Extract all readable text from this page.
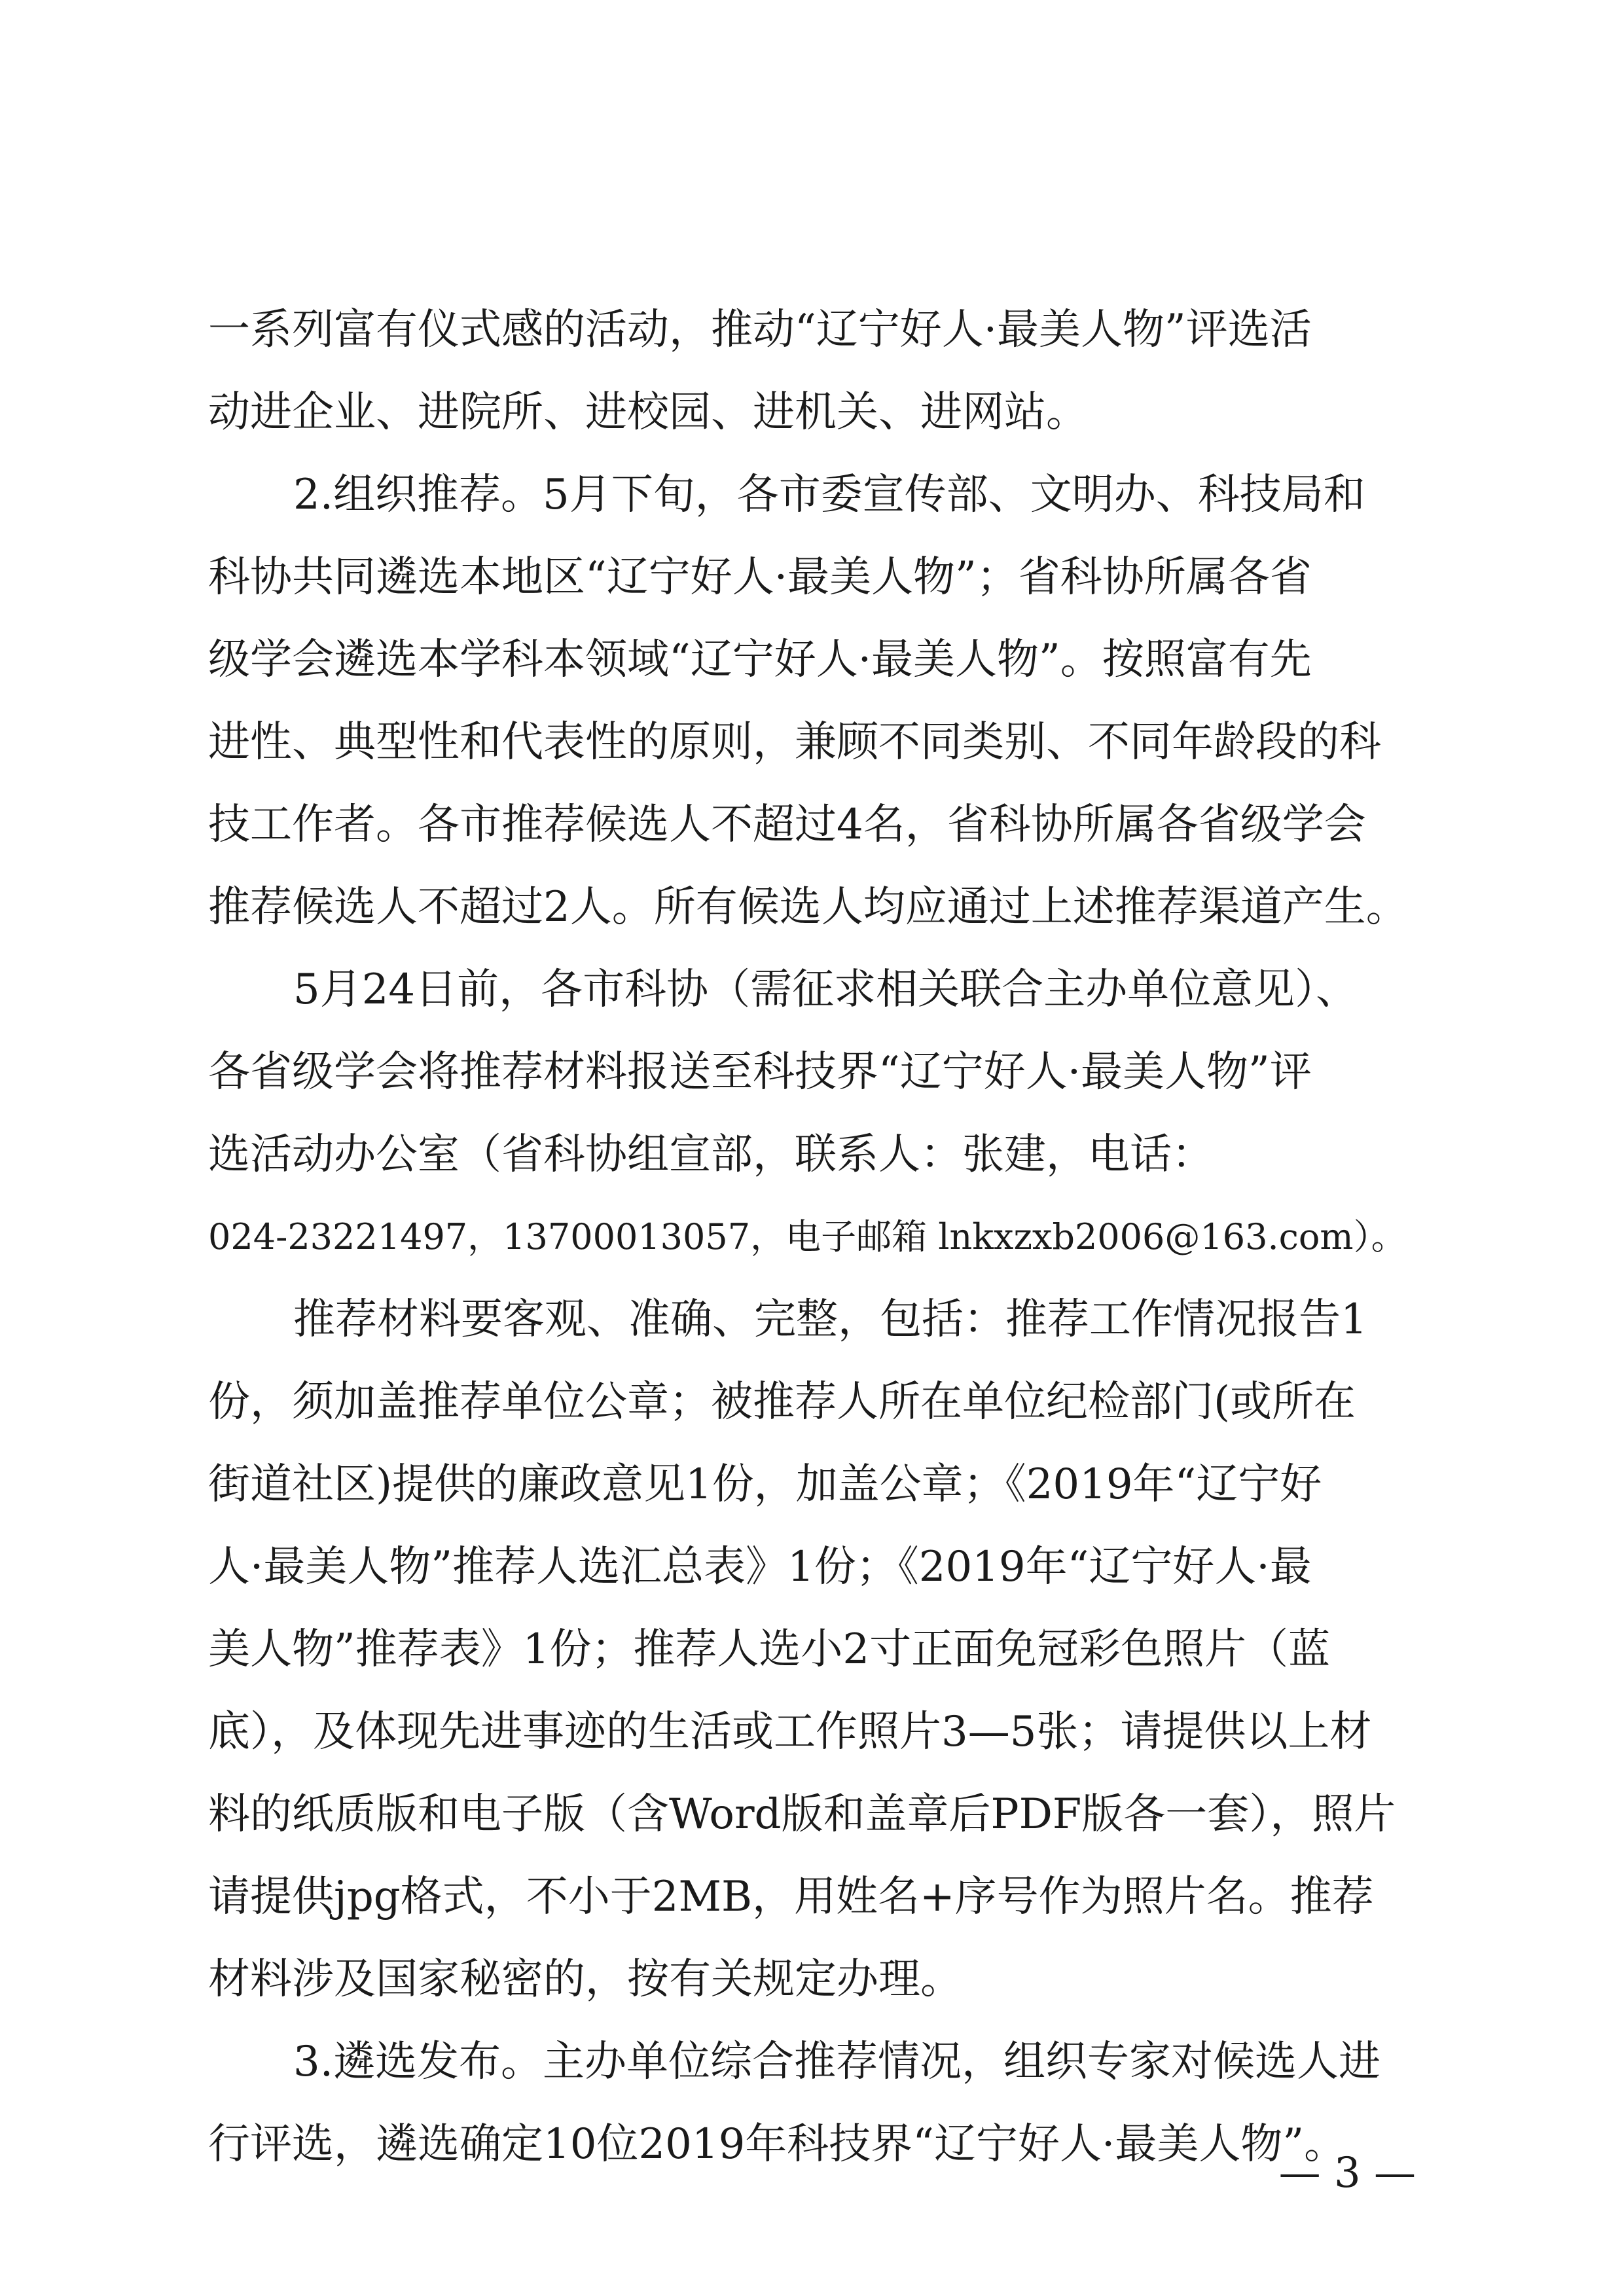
一系列富有仪式感的活动，推动“辽宁好人·最美人物”评选活
动进企业、进院所、进校园、进机关、进网站。
2.组织推荐。5月下旬，各市委宣传部、文明办、科技局和
科协共同遴选本地区“辽宁好人·最美人物”；省科协所属各省
级学会遴选本学科本领域“辽宁好人·最美人物”。按照富有先
进性、典型性和代表性的原则，兼顾不同类别、不同年龄段的科
技工作者。各市推荐候选人不超过4名，省科协所属各省级学会
推荐候选人不超过2人。所有候选人均应通过上述推荐渠道产生。
5月24日前，各市科协（需征求相关联合主办单位意见）、
各省级学会将推荐材料报送至科技界“辽宁好人·最美人物”评
选活动办公室（省科协组宣部，联系人：张建，电话：
024-23221497，13700013057，电子邮箱 lnkxzxb2006@163.com）。
推荐材料要客观、准确、完整，包括：推荐工作情况报告1
份，须加盖推荐单位公章；被推荐人所在单位纪检部门(或所在
街道社区)提供的廉政意见1份，加盖公章；《2019年“辽宁好
人·最美人物”推荐人选汇总表》1份；《2019年“辽宁好人·最
美人物”推荐表》1份；推荐人选小2寸正面免冠彩色照片（蓝
底），及体现先进事迹的生活或工作照片3—5张；请提供以上材
料的纸质版和电子版（含Word版和盖章后PDF版各一套），照片
请提供jpg格式，不小于2MB，用姓名+序号作为照片名。推荐
材料涉及国家秘密的，按有关规定办理。
3.遴选发布。主办单位综合推荐情况，组织专家对候选人进
行评选，遴选确定10位2019年科技界“辽宁好人·最美人物”。
— 3 —
